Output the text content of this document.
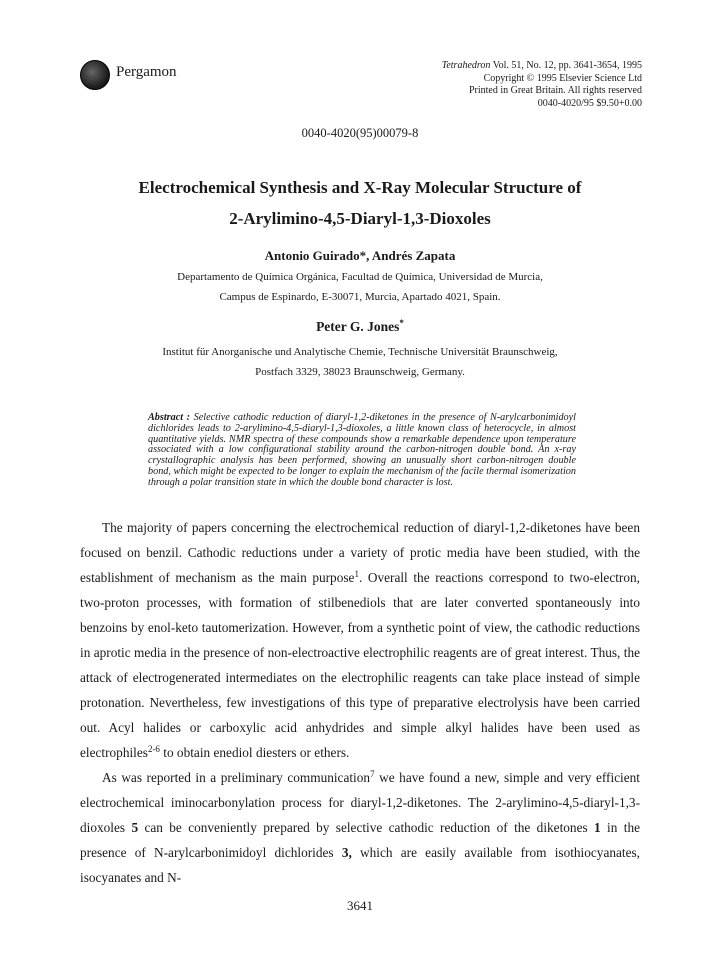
Pergamon	Tetrahedron Vol. 51, No. 12, pp. 3641-3654, 1995
Copyright © 1995 Elsevier Science Ltd
Printed in Great Britain. All rights reserved
0040-4020/95 $9.50+0.00
0040-4020(95)00079-8
Electrochemical Synthesis and X-Ray Molecular Structure of
2-Arylimino-4,5-Diaryl-1,3-Dioxoles
Antonio Guirado*, Andrés Zapata
Departamento de Química Orgánica, Facultad de Química, Universidad de Murcia,
Campus de Espinardo, E-30071, Murcia, Apartado 4021, Spain.
Peter G. Jones*
Institut für Anorganische und Analytische Chemie, Technische Universität Braunschweig,
Postfach 3329, 38023 Braunschweig, Germany.
Abstract : Selective cathodic reduction of diaryl-1,2-diketones in the presence of N-arylcarbonimidoyl dichlorides leads to 2-arylimino-4,5-diaryl-1,3-dioxoles, a little known class of heterocycle, in almost quantitative yields. NMR spectra of these compounds show a remarkable dependence upon temperature associated with a low configurational stability around the carbon-nitrogen double bond. An x-ray crystallographic analysis has been performed, showing an unusually short carbon-nitrogen double bond, which might be expected to be longer to explain the mechanism of the facile thermal isomerization through a polar transition state in which the double bond character is lost.

The majority of papers concerning the electrochemical reduction of diaryl-1,2-diketones have been focused on benzil. Cathodic reductions under a variety of protic media have been studied, with the establishment of mechanism as the main purpose$^1$. Overall the reactions correspond to two-electron, two-proton processes, with formation of stilbenediols that are later converted spontaneously into benzoins by enol-keto tautomerization. However, from a synthetic point of view, the cathodic reductions in aprotic media in the presence of non-electroactive electrophilic reagents are of great interest. Thus, the attack of electrogenerated intermediates on the electrophilic reagents can take place instead of simple protonation. Nevertheless, few investigations of this type of preparative electrolysis have been carried out. Acyl halides or carboxylic acid anhydrides and simple alkyl halides have been used as electrophiles$^{2-6}$ to obtain enediol diesters or ethers.

As was reported in a preliminary communication$^7$ we have found a new, simple and very efficient electrochemical iminocarbonylation process for diaryl-1,2-diketones. The 2-arylimino-4,5-diaryl-1,3-dioxoles 5 can be conveniently prepared by selective cathodic reduction of the diketones 1 in the presence of N-arylcarbonimidoyl dichlorides 3, which are easily available from isothiocyanates, isocyanates and N-

3641
